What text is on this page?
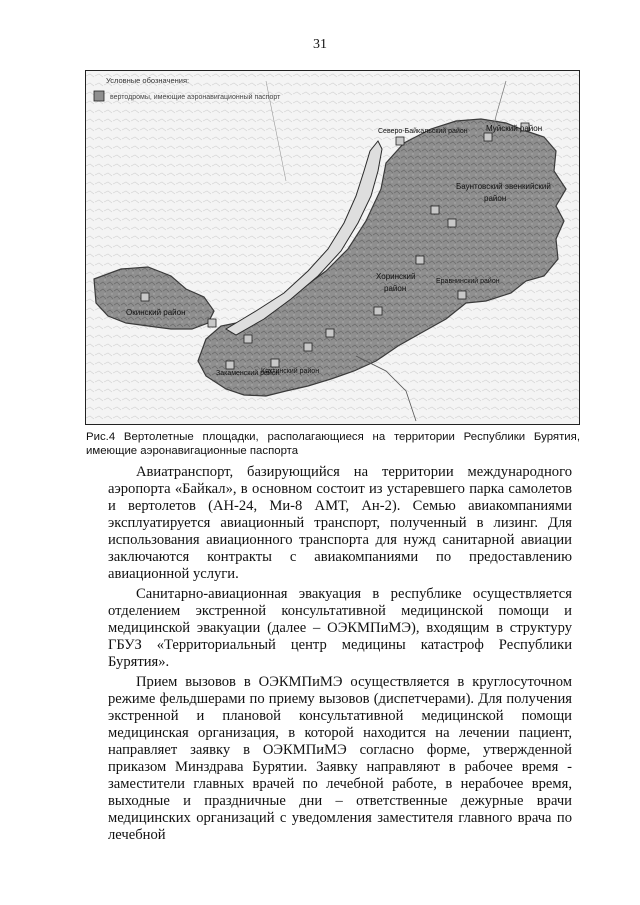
31
Условные обозначения:
вертодромы, имеющие аэронавигационный паспорт
Окинский район
Северо-Байкальский район Муйский район
Баунтовский эвенкийский
район
Хоринский
район
Еравнинский район
Закаменский район
Кяхтинский район
Рис.4 Вертолетные площадки, располагающиеся на территории Республики Бурятия, имеющие аэронавигационные паспорта

Авиатранспорт, базирующийся на территории международного аэропорта «Байкал», в основном состоит из устаревшего парка самолетов и вертолетов (АН-24, Ми-8 АМТ, Ан-2). Семью авиакомпаниями эксплуатируется авиационный транспорт, полученный в лизинг. Для использования авиационного транспорта для нужд санитарной авиации заключаются контракты с авиакомпаниями по предоставлению авиационной услуги.

Санитарно-авиационная эвакуация в республике осуществляется отделением экстренной консультативной медицинской помощи и медицинской эвакуации (далее – ОЭКМПиМЭ), входящим в структуру ГБУЗ «Территориальный центр медицины катастроф Республики Бурятия».

Прием вызовов в ОЭКМПиМЭ осуществляется в круглосуточном режиме фельдшерами по приему вызовов (диспетчерами). Для получения экстренной и плановой консультативной медицинской помощи медицинская организация, в которой находится на лечении пациент, направляет заявку в ОЭКМПиМЭ согласно форме, утвержденной приказом Минздрава Бурятии. Заявку направляют в рабочее время - заместители главных врачей по лечебной работе, в нерабочее время, выходные и праздничные дни – ответственные дежурные врачи медицинских организаций с уведомления заместителя главного врача по лечебной
